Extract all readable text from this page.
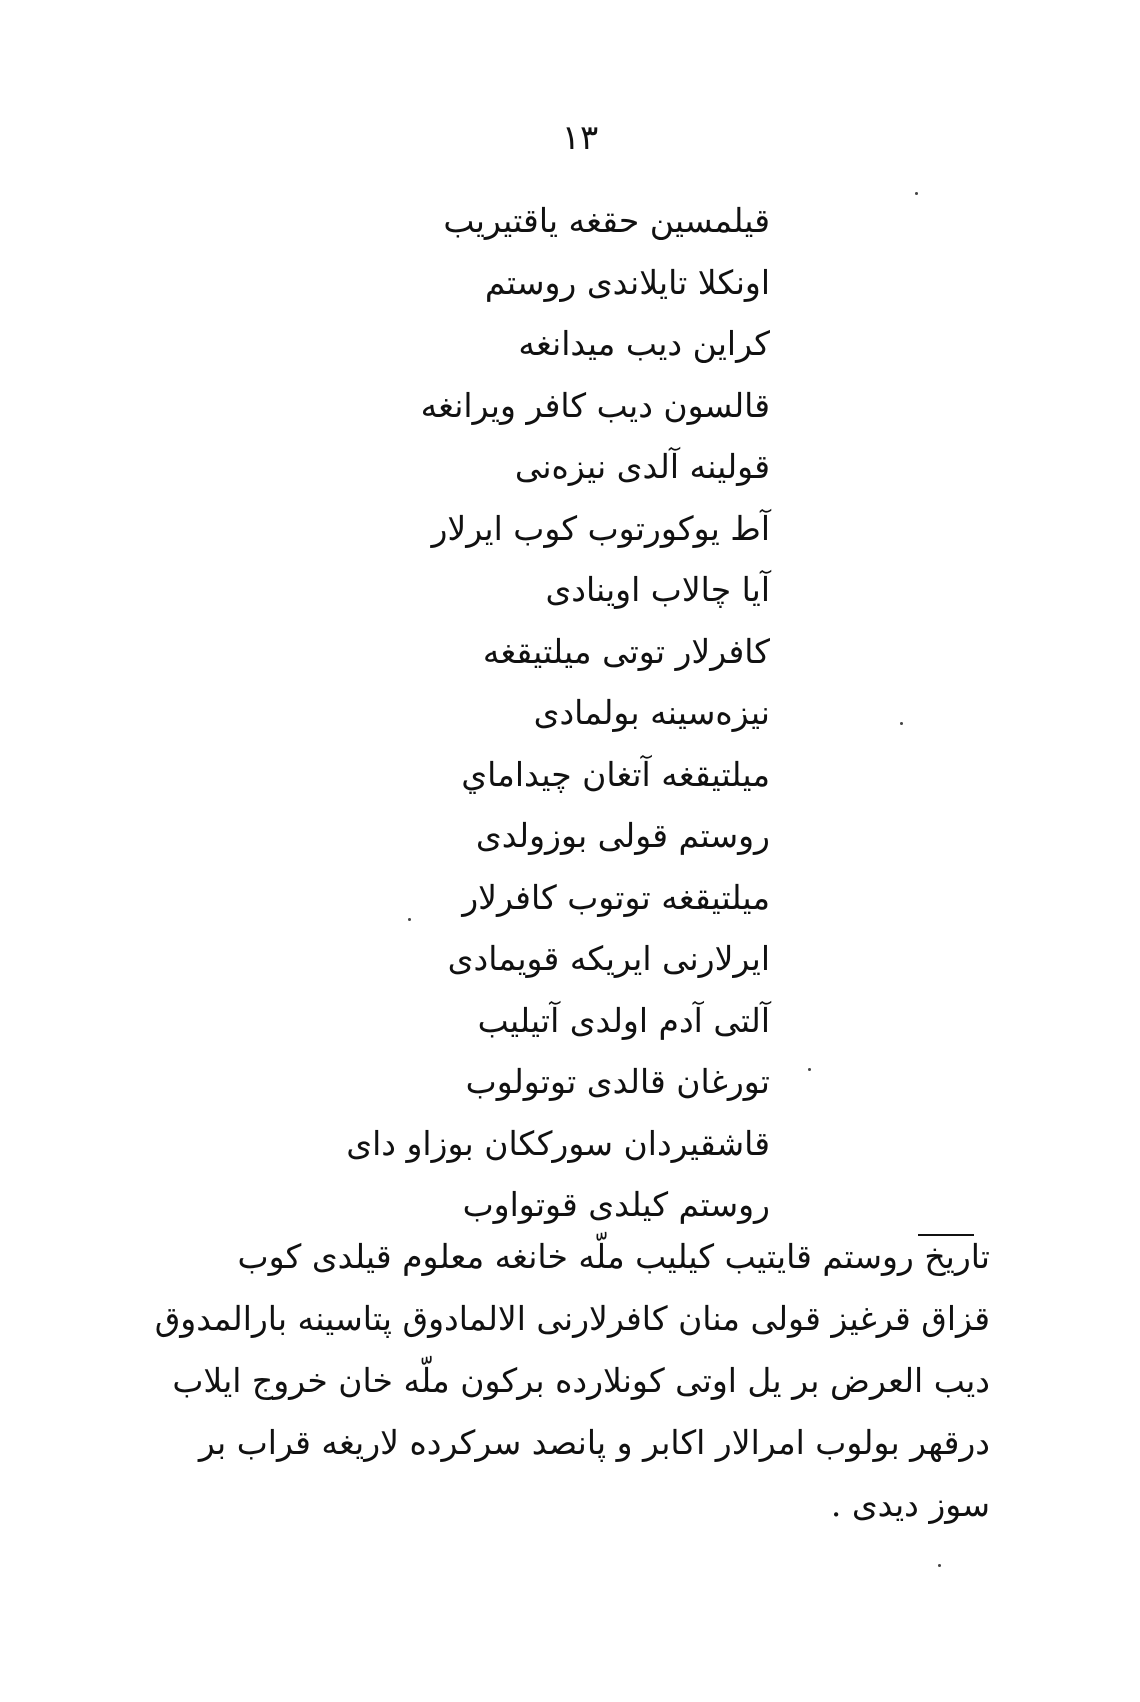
١٣
قیلمسین حقغه یاقتیریب
اونکلا تایلاندی روستم
کراین دیب میدانغه
قالسون دیب کافر ویرانغه
قولینه آلدی نیزه‌نی
آط یوکورتوب کوب ایرلار
آیا چالاب اوینادی
کافرلار توتی میلتیقغه
نیزه‌سینه بولمادی
میلتیقغه آتغان چیداماي
روستم قولی بوزولدی
میلتیقغه توتوب کافرلار
ایرلارنی ایریکه قویمادی
آلتی آدم اولدی آتیلیب
تورغان قالدی توتولوب
قاشقیردان سورککان بوزاو دای
روستم کیلدی قوتواوب
تاریخ روستم قایتیب کیلیب ملّه خانغه معلوم قیلدی کوب
قزاق قرغیز قولی منان کافرلارنی الالمادوق پتاسینه بارالمدوق
دیب العرض بر یل اوتی کونلارده برکون ملّه خان خروج ایلاب
درقهر بولوب امرالار اکابر و پانصد سرکرده لاریغه قراب بر
سوز دیدی .
